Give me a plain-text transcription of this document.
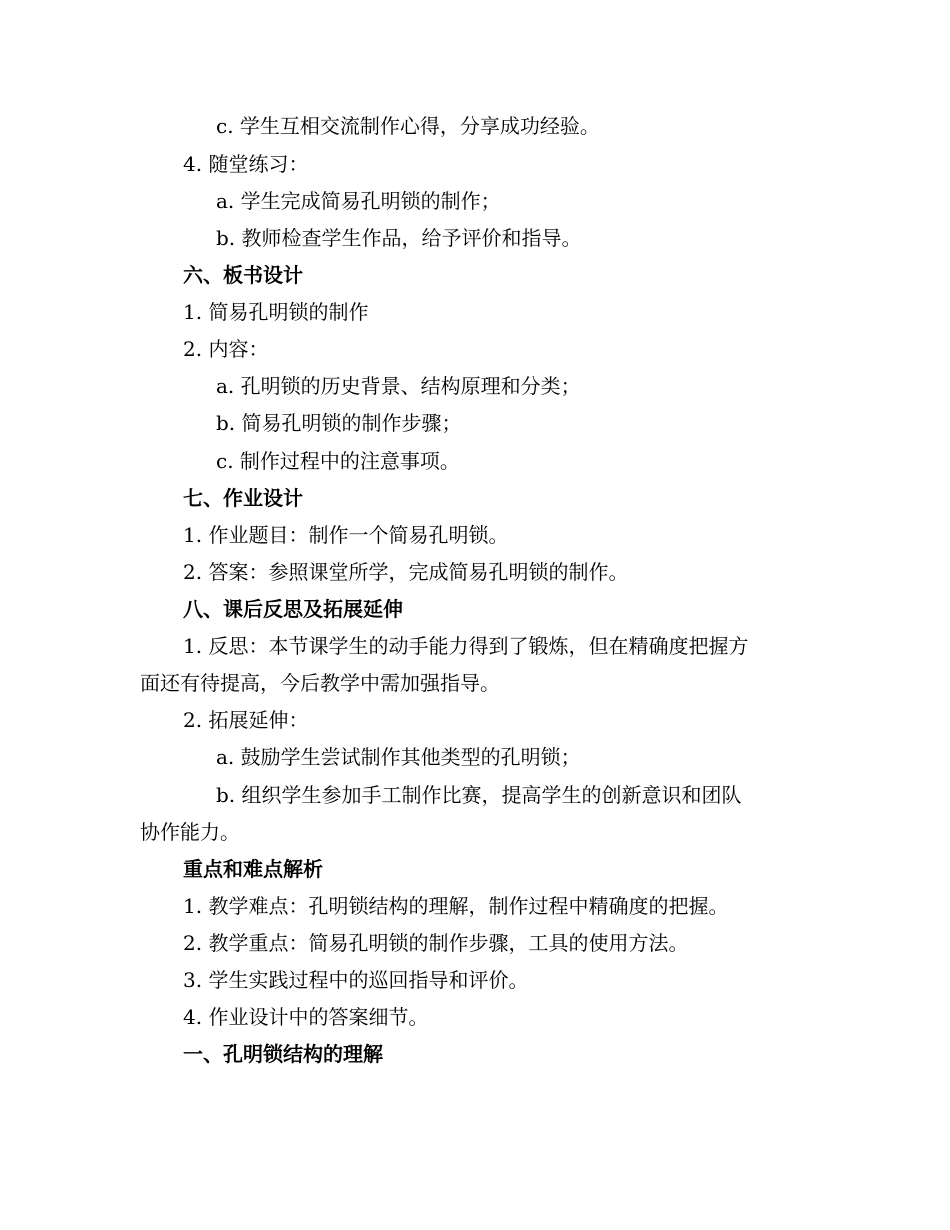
c. 学生互相交流制作心得，分享成功经验。
4. 随堂练习：
a. 学生完成简易孔明锁的制作；
b. 教师检查学生作品，给予评价和指导。
六、板书设计
1. 简易孔明锁的制作
2. 内容：
a. 孔明锁的历史背景、结构原理和分类；
b. 简易孔明锁的制作步骤；
c. 制作过程中的注意事项。
七、作业设计
1. 作业题目：制作一个简易孔明锁。
2. 答案：参照课堂所学，完成简易孔明锁的制作。
八、课后反思及拓展延伸
1. 反思：本节课学生的动手能力得到了锻炼，但在精确度把握方
面还有待提高，今后教学中需加强指导。
2. 拓展延伸：
a. 鼓励学生尝试制作其他类型的孔明锁；
b. 组织学生参加手工制作比赛，提高学生的创新意识和团队
协作能力。
重点和难点解析
1. 教学难点：孔明锁结构的理解，制作过程中精确度的把握。
2. 教学重点：简易孔明锁的制作步骤，工具的使用方法。
3. 学生实践过程中的巡回指导和评价。
4. 作业设计中的答案细节。
一、孔明锁结构的理解
